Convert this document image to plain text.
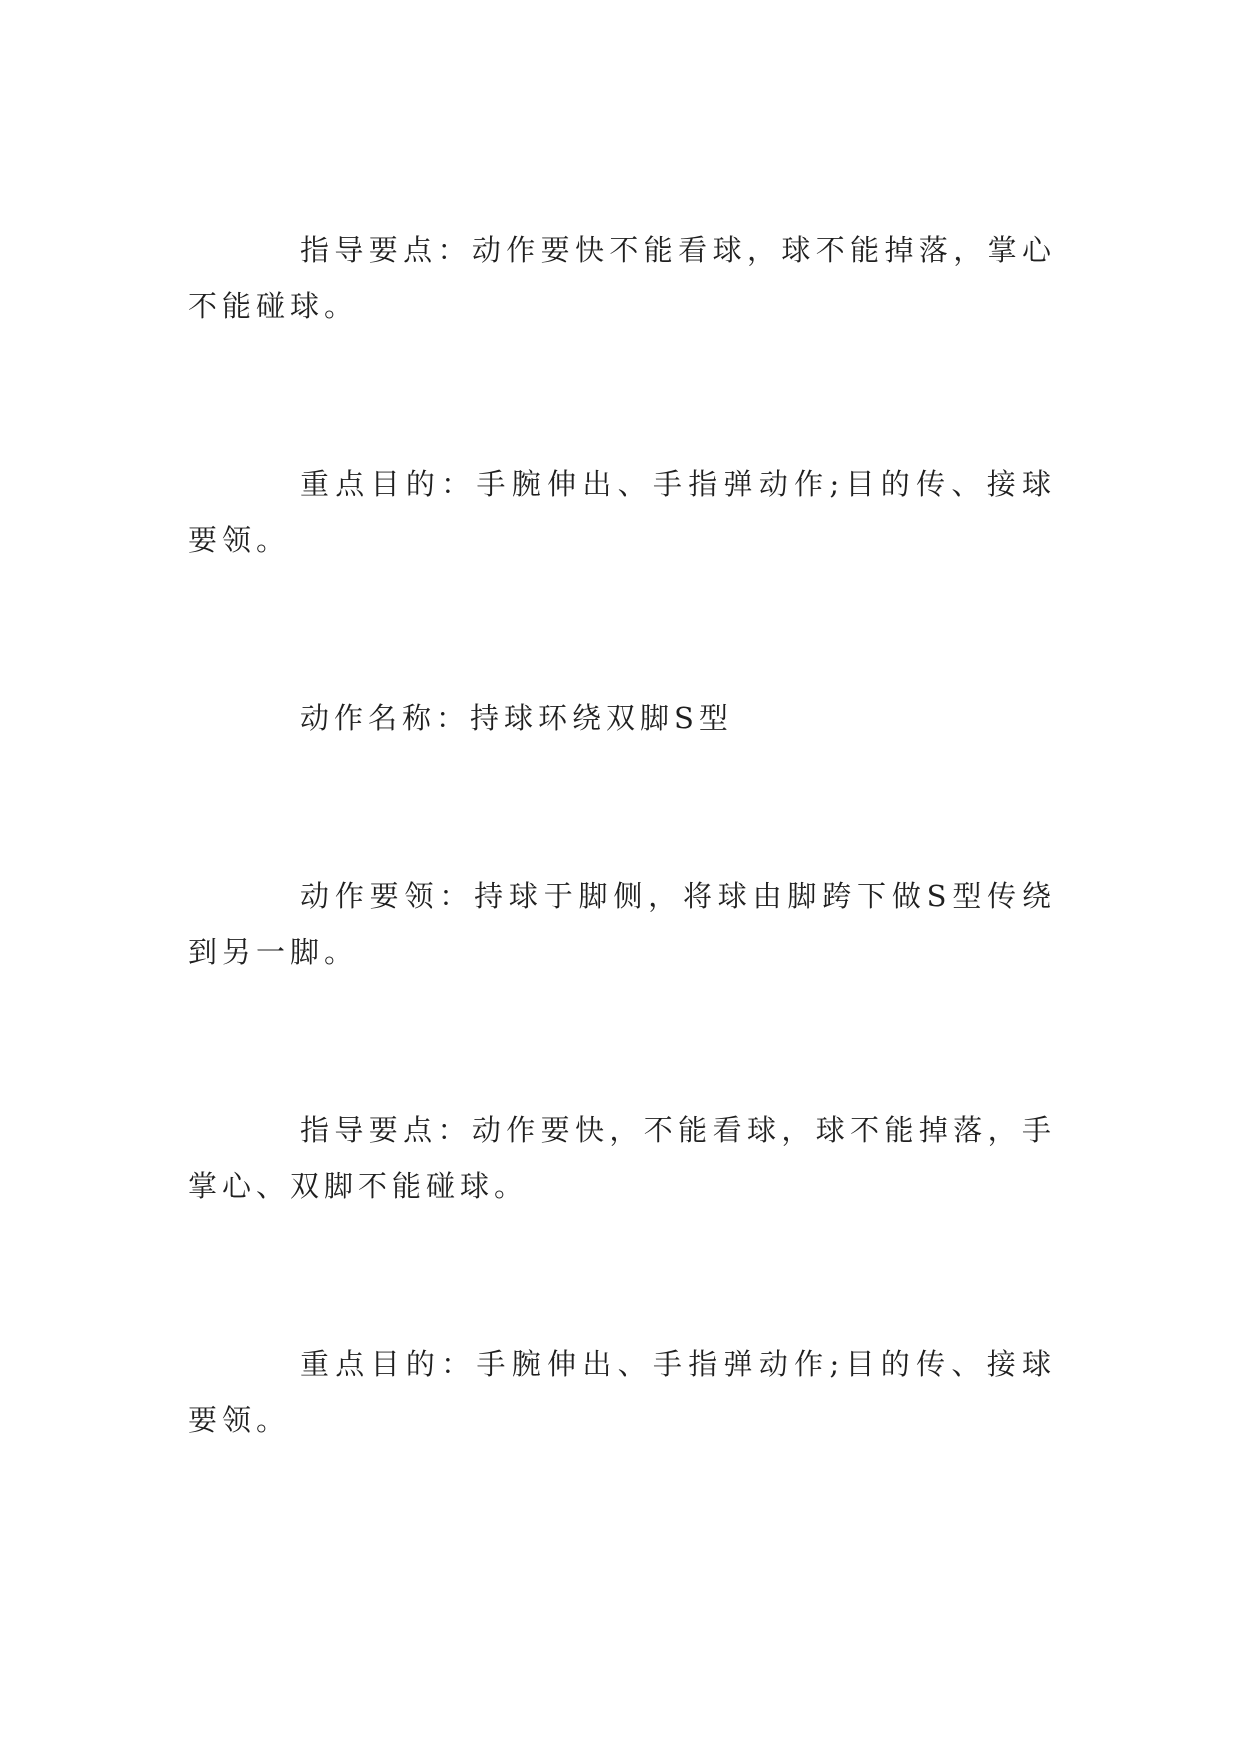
指导要点：动作要快不能看球，球不能掉落，掌心不能碰球。

重点目的：手腕伸出、手指弹动作;目的传、接球要领。

动作名称：持球环绕双脚S型

动作要领：持球于脚侧，将球由脚跨下做S型传绕到另一脚。

指导要点：动作要快，不能看球，球不能掉落，手掌心、双脚不能碰球。

重点目的：手腕伸出、手指弹动作;目的传、接球要领。
